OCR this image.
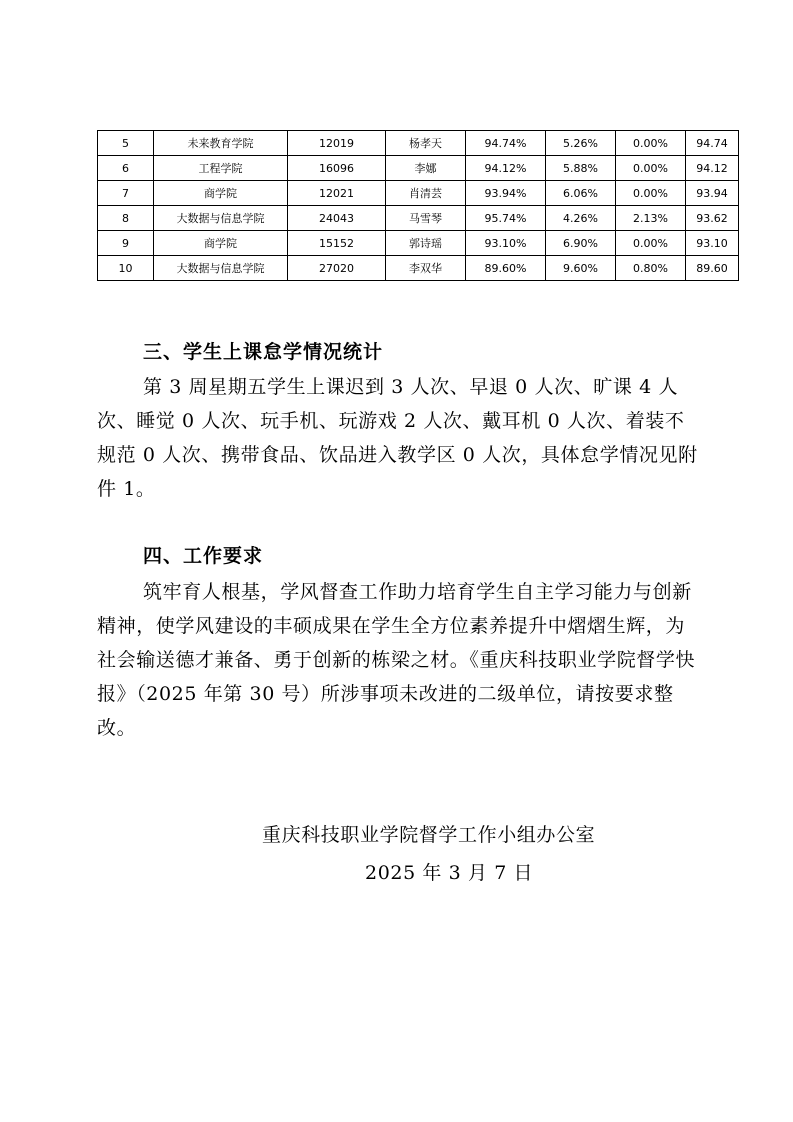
5	未来教育学院	12019	杨孝天	94.74%	5.26%	0.00%	94.74
6	工程学院	16096	李娜	94.12%	5.88%	0.00%	94.12
7	商学院	12021	肖清芸	93.94%	6.06%	0.00%	93.94
8	大数据与信息学院	24043	马雪琴	95.74%	4.26%	2.13%	93.62
9	商学院	15152	郭诗瑶	93.10%	6.90%	0.00%	93.10
10	大数据与信息学院	27020	李双华	89.60%	9.60%	0.80%	89.60
三、学生上课怠学情况统计

第 3 周星期五学生上课迟到 3 人次、早退 0 人次、旷课 4 人次、睡觉 0 人次、玩手机、玩游戏 2 人次、戴耳机 0 人次、着装不规范 0 人次、携带食品、饮品进入教学区 0 人次，具体怠学情况见附件 1。

四、工作要求

筑牢育人根基，学风督查工作助力培育学生自主学习能力与创新精神，使学风建设的丰硕成果在学生全方位素养提升中熠熠生辉，为社会输送德才兼备、勇于创新的栋梁之材。《重庆科技职业学院督学快报》（2025 年第 30 号）所涉事项未改进的二级单位，请按要求整改。

重庆科技职业学院督学工作小组办公室
2025 年 3 月 7 日
